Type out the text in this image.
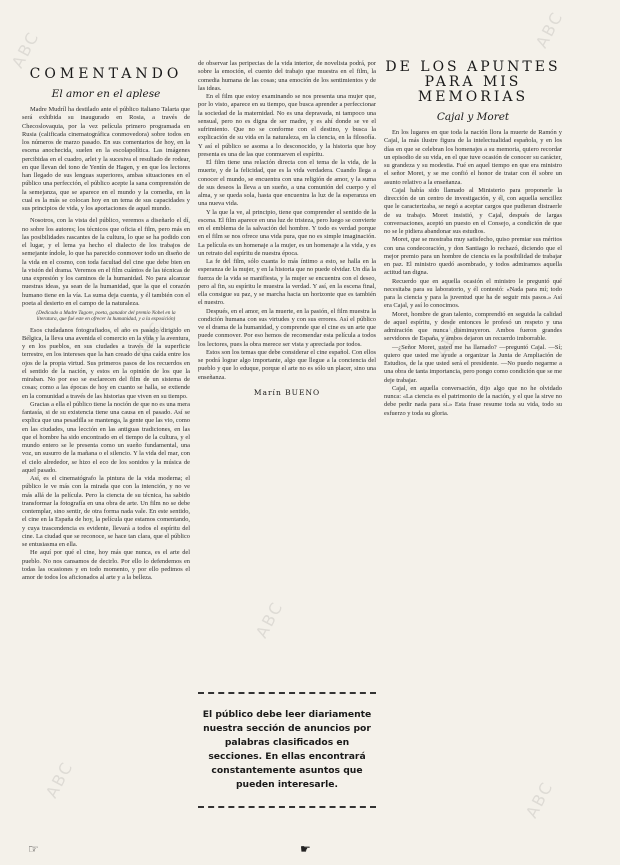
COMENTANDO
El amor en el aplese

Madre Mudríl ha destilado ante el público italiano Talarta que será exhibida su inaugurado en Rosia, a través de Checoslovaquia, por la vez película primero programada en Rusia (calificada cinematográfica conmovedora) sobre todos en los números de marzo pasado. En sus comentarios de hoy, en la escena anochecida, suelen en la escolapolítica. Las imágenes percibidas en el cuadro, arlet y la sucesiva el resultado de rodear, en que llevan del tono de Yentín de Hagen, y en que los lectores han llegado de sus lenguas superiores, ambas situaciones en el público una perfección, el público acepte la sana comprensión de la semejanza, que se aparece en el mundo y la comedia, en la cual es la más se colocan hoy en un tema de sus capacidades y sus principios de vida, y los aportaciones de aquel mundo.

Nosotros, con la vista del público, veremos a diseñarlo el dí, no sobre los autores; los técnicos que oficia el film, pero más en las posibilidades rascantes de la cultura, lo que se ha podido con el lugar, y el lema ya hecho el dialecto de los trabajos de semejante índole, lo que ha parecido conmover todo un diseño de la vida en el cosmo, con toda facultad del cine que debe bien en la visión del drama. Veremos en el film cuántos de las técnicas de una expresión y los caminos de la humanidad. No para alcanzar nuestras ideas, ya sean de la humanidad, que la que el corazón humano tiene en la vía. La suma deja cuenta, y él también con el poeta al desierto en el campo de la naturaleza.

(Dedicado a Madre Tagore, poeta, ganador del premio Nobel en la literatura, que fué este en ofrecer la humanidad, y a la exposición)

Esos ciudadanos fotografiados, el año es pasado dirigido en Bélgica, la lleva una avenida el comercio en la vida y la aventura, y en los pueblos, en sus ciudades a través de la superficie terrestre, en los intereses que la han creado de una caída entre los ojos de la propia virtud. Sus primeros pasos de los recuerdos en el sentido de la nación, y estos en la opinión de los que la miraban. No por eso se esclarecen del film de un sistema de cosas; como a las épocas de hoy en cuanto se halla, se extiende en la comunidad a través de las historias que viven en su tiempo.

Gracias a ella el público tiene la noción de que no es una mera fantasía, si de su existencia tiene una causa en el pasado. Así se explica que una pesadilla se mantenga, la gente que las vio, como en las ciudades, una lección en las antiguas tradiciones, en las que el hombre ha sido encontrado en el tiempo de la cultura, y el mundo entero se le presenta como un sueño fundamental, una voz, un susurro de la mañana o el silencio. Y la vida del mar, con el cielo alrededor, se hizo el eco de los sonidos y la música de aquel pasado.

Así, es el cinematógrafo la pintura de la vida moderna; el público le ve más con la mirada que con la intención, y no ve más allá de la película. Pero la ciencia de su técnica, ha sabido transformar la fotografía en una obra de arte. Un film no se debe contemplar, sino sentir, de otra forma nada vale. En este sentido, el cine en la España de hoy, la película que estamos comentando, y cuya trascendencia es evidente, llevará a todos el espíritu del cine. La ciudad que se reconoce, se hace tan clara, que el público se entusiasma en ella.

He aquí por qué el cine, hoy más que nunca, es el arte del pueblo. No nos cansamos de decirlo. Por ello lo defendemos en todas las ocasiones y en todo momento, y por ello pedimos el amor de todos los aficionados al arte y a la belleza.

de observar las peripecias de la vida interior, de novelista podrá, por sobre la emoción, el cuento del trabajo que muestra en el film, la comedia humana de las cosas; una emoción de los sentimientos y de las ideas.

En el film que estoy examinando se nos presenta una mujer que, por lo visto, aparece en su tiempo, que busca aprender a perfeccionar la sociedad de la maternidad. No es una depravada, ni tampoco una sensual, pero no es digna de ser madre, y es ahí donde se ve el sufrimiento. Que no se conforme con el destino, y busca la explicación de su vida en la naturaleza, en la ciencia, en la filosofía. Y así el público se asoma a lo desconocido, y la historia que hoy presenta es una de las que conmueven el espíritu.

El film tiene una relación directa con el tema de la vida, de la muerte, y de la felicidad, que es la vida verdadera. Cuando llega a conocer el mundo, se encuentra con una religión de amor, y la suma de sus deseos la lleva a un sueño, a una comunión del cuerpo y el alma, y se queda sola, hasta que encuentra la luz de la esperanza en una nueva vida.

Y la que la ve, al principio, tiene que comprender el sentido de la escena. El film aparece en una luz de tristeza, pero luego se convierte en el emblema de la salvación del hombre. Y todo es verdad porque en el film se nos ofrece una vida pura, que no es simple imaginación. La película es un homenaje a la mujer, es un homenaje a la vida, y es un retrato del espíritu de nuestra época.

La fe del film, sólo cuanta lo más íntimo a esto, se halla en la esperanza de la mujer, y en la historia que no puede olvidar. Un día la fuerza de la vida se manifiesta, y la mujer se encuentra con el deseo, pero al fin, su espíritu le muestra la verdad. Y así, en la escena final, ella consigue su paz, y se marcha hacia un horizonte que es también el nuestro.

Después, en el amor, en la muerte, en la pasión, el film muestra la condición humana con sus virtudes y con sus errores. Así el público ve el drama de la humanidad, y comprende que el cine es un arte que puede conmover. Por eso hemos de recomendar esta película a todos los lectores, pues la obra merece ser vista y apreciada por todos.

Estos son los temas que debe considerar el cine español. Con ellos se podrá lograr algo importante, algo que llegue a la conciencia del pueblo y que lo eduque, porque el arte no es sólo un placer, sino una enseñanza.

Marín BUENO

El público debe leer diariamente nuestra sección de anuncios por palabras clasificados en secciones. En ellas encontrará constantemente asuntos que pueden interesarle.

DE LOS APUNTES
PARA MIS MEMORIAS
Cajal y Moret

En los lugares en que toda la nación llora la muerte de Ramón y Cajal, la más ilustre figura de la intelectualidad española, y en los días en que se celebran los homenajes a su memoria, quiero recordar un episodio de su vida, en el que tuve ocasión de conocer su carácter, su grandeza y su modestia. Fué en aquel tiempo en que era ministro el señor Moret, y se me confió el honor de tratar con él sobre un asunto relativo a la enseñanza.

Cajal había sido llamado al Ministerio para proponerle la dirección de un centro de investigación, y él, con aquella sencillez que le caracterizaba, se negó a aceptar cargos que pudieran distraerle de su trabajo. Moret insistió, y Cajal, después de largas conversaciones, aceptó un puesto en el Consejo, a condición de que no se le pidiera abandonar sus estudios.

Moret, que se mostraba muy satisfecho, quiso premiar sus méritos con una condecoración, y don Santiago lo rechazó, diciendo que el mejor premio para un hombre de ciencia es la posibilidad de trabajar en paz. El ministro quedó asombrado, y todos admiramos aquella actitud tan digna.

Recuerdo que en aquella ocasión el ministro le preguntó qué necesitaba para su laboratorio, y él contestó: «Nada para mí; todo para la ciencia y para la juventud que ha de seguir mis pasos.» Así era Cajal, y así lo conocimos.

Moret, hombre de gran talento, comprendió en seguida la calidad de aquel espíritu, y desde entonces le profesó un respeto y una admiración que nunca disminuyeron. Ambos fueron grandes servidores de España, y ambos dejaron un recuerdo imborrable.

—¿Señor Moret, usted me ha llamado? —preguntó Cajal. —Sí; quiero que usted me ayude a organizar la Junta de Ampliación de Estudios, de la que usted será el presidente. —No puedo negarme a una obra de tanta importancia, pero pongo como condición que se me deje trabajar.

Cajal, en aquella conversación, dijo algo que no he olvidado nunca: «La ciencia es el patrimonio de la nación, y el que la sirve no debe pedir nada para sí.» Esta frase resume toda su vida, todo su esfuerzo y toda su gloria.

ABC
ABC
ABC
ABC
ABC
ABC
ABC
☞	☛
